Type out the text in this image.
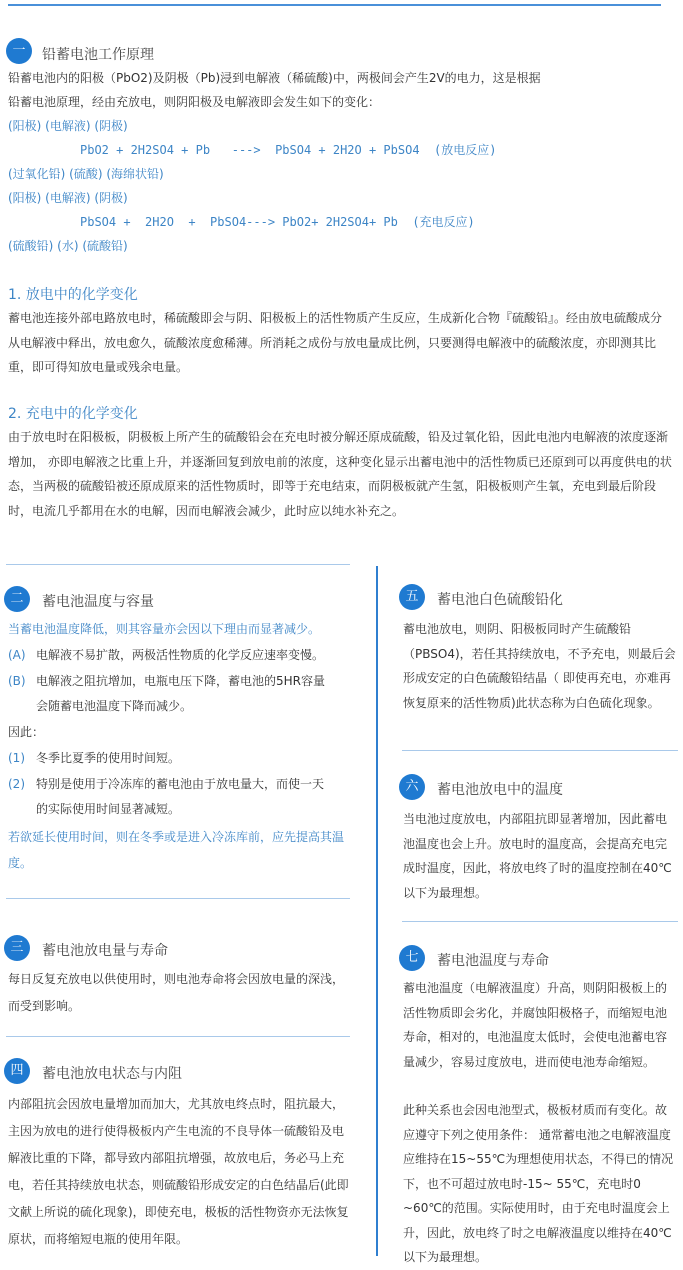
一	铅蓄电池工作原理
铅蓄电池内的阳极（PbO2)及阴极（Pb)浸到电解液（稀硫酸)中，两极间会产生2V的电力，这是根据
铅蓄电池原理，经由充放电，则阴阳极及电解液即会发生如下的变化：
(阳极) (电解液) (阴极)
PbO2 + 2H2SO4 + Pb   --->  PbSO4 + 2H2O + PbSO4  (放电反应)
(过氧化铅) (硫酸) (海绵状铅)
(阳极) (电解液) (阴极)
PbSO4 +  2H2O  +  PbSO4---> PbO2+ 2H2SO4+ Pb  (充电反应)
(硫酸铅) (水) (硫酸铅)
1. 放电中的化学变化

蓄电池连接外部电路放电时，稀硫酸即会与阴、阳极板上的活性物质产生反应，生成新化合物『硫酸铅』。经由放电硫酸成分从电解液中释出，放电愈久，硫酸浓度愈稀薄。所消耗之成份与放电量成比例，只要测得电解液中的硫酸浓度，亦即测其比重，即可得知放电量或残余电量。

2. 充电中的化学变化

由于放电时在阳极板，阴极板上所产生的硫酸铅会在充电时被分解还原成硫酸，铅及过氧化铅，因此电池内电解液的浓度逐渐增加， 亦即电解液之比重上升，并逐渐回复到放电前的浓度，这种变化显示出蓄电池中的活性物质已还原到可以再度供电的状态，当两极的硫酸铅被还原成原来的活性物质时，即等于充电结束，而阴极板就产生氢，阳极板则产生氧，充电到最后阶段时，电流几乎都用在水的电解，因而电解液会减少，此时应以纯水补充之。

二	蓄电池温度与容量
当蓄电池温度降低，则其容量亦会因以下理由而显著减少。
(A) 电解液不易扩散，两极活性物质的化学反应速率变慢。
(B) 电解液之阻抗增加，电瓶电压下降，蓄电池的5HR容量
会随蓄电池温度下降而减少。
因此：
(1) 冬季比夏季的使用时间短。
(2) 特别是使用于冷冻库的蓄电池由于放电量大，而使一天
的实际使用时间显著减短。

若欲延长使用时间，则在冬季或是进入冷冻库前，应先提高其温度。

三	蓄电池放电量与寿命

每日反复充放电以供使用时，则电池寿命将会因放电量的深浅，而受到影响。

四	蓄电池放电状态与内阻

内部阻抗会因放电量增加而加大，尤其放电终点时，阻抗最大，主因为放电的进行使得极板内产生电流的不良导体一硫酸铅及电解液比重的下降，都导致内部阻抗增强，故放电后，务必马上充电，若任其持续放电状态，则硫酸铅形成安定的白色结晶后(此即文献上所说的硫化现象)，即使充电，极板的活性物资亦无法恢复原状，而将缩短电瓶的使用年限。

五	蓄电池白色硫酸铅化

蓄电池放电，则阴、阳极板同时产生硫酸铅 （PBSO4)，若任其持续放电，不予充电，则最后会形成安定的白色硫酸铅结晶（ 即使再充电，亦难再恢复原来的活性物质)此状态称为白色硫化现象。

六	蓄电池放电中的温度

当电池过度放电，内部阻抗即显著增加，因此蓄电池温度也会上升。放电时的温度高，会提高充电完成时温度，因此，将放电终了时的温度控制在40℃以下为最理想。

七	蓄电池温度与寿命

蓄电池温度（电解液温度）升高，则阴阳极板上的活性物质即会劣化，并腐蚀阳极格子，而缩短电池寿命，相对的，电池温度太低时，会使电池蓄电容量减少，容易过度放电，进而使电池寿命缩短。

此种关系也会因电池型式，极板材质而有变化。故应遵守下列之使用条件： 通常蓄电池之电解液温度应维持在15~55℃为理想使用状态，不得已的情况下，也不可超过放电时-15~ 55℃，充电时0 ~60℃的范围。实际使用时，由于充电时温度会上升，因此，放电终了时之电解液温度以维持在40℃以下为最理想。
